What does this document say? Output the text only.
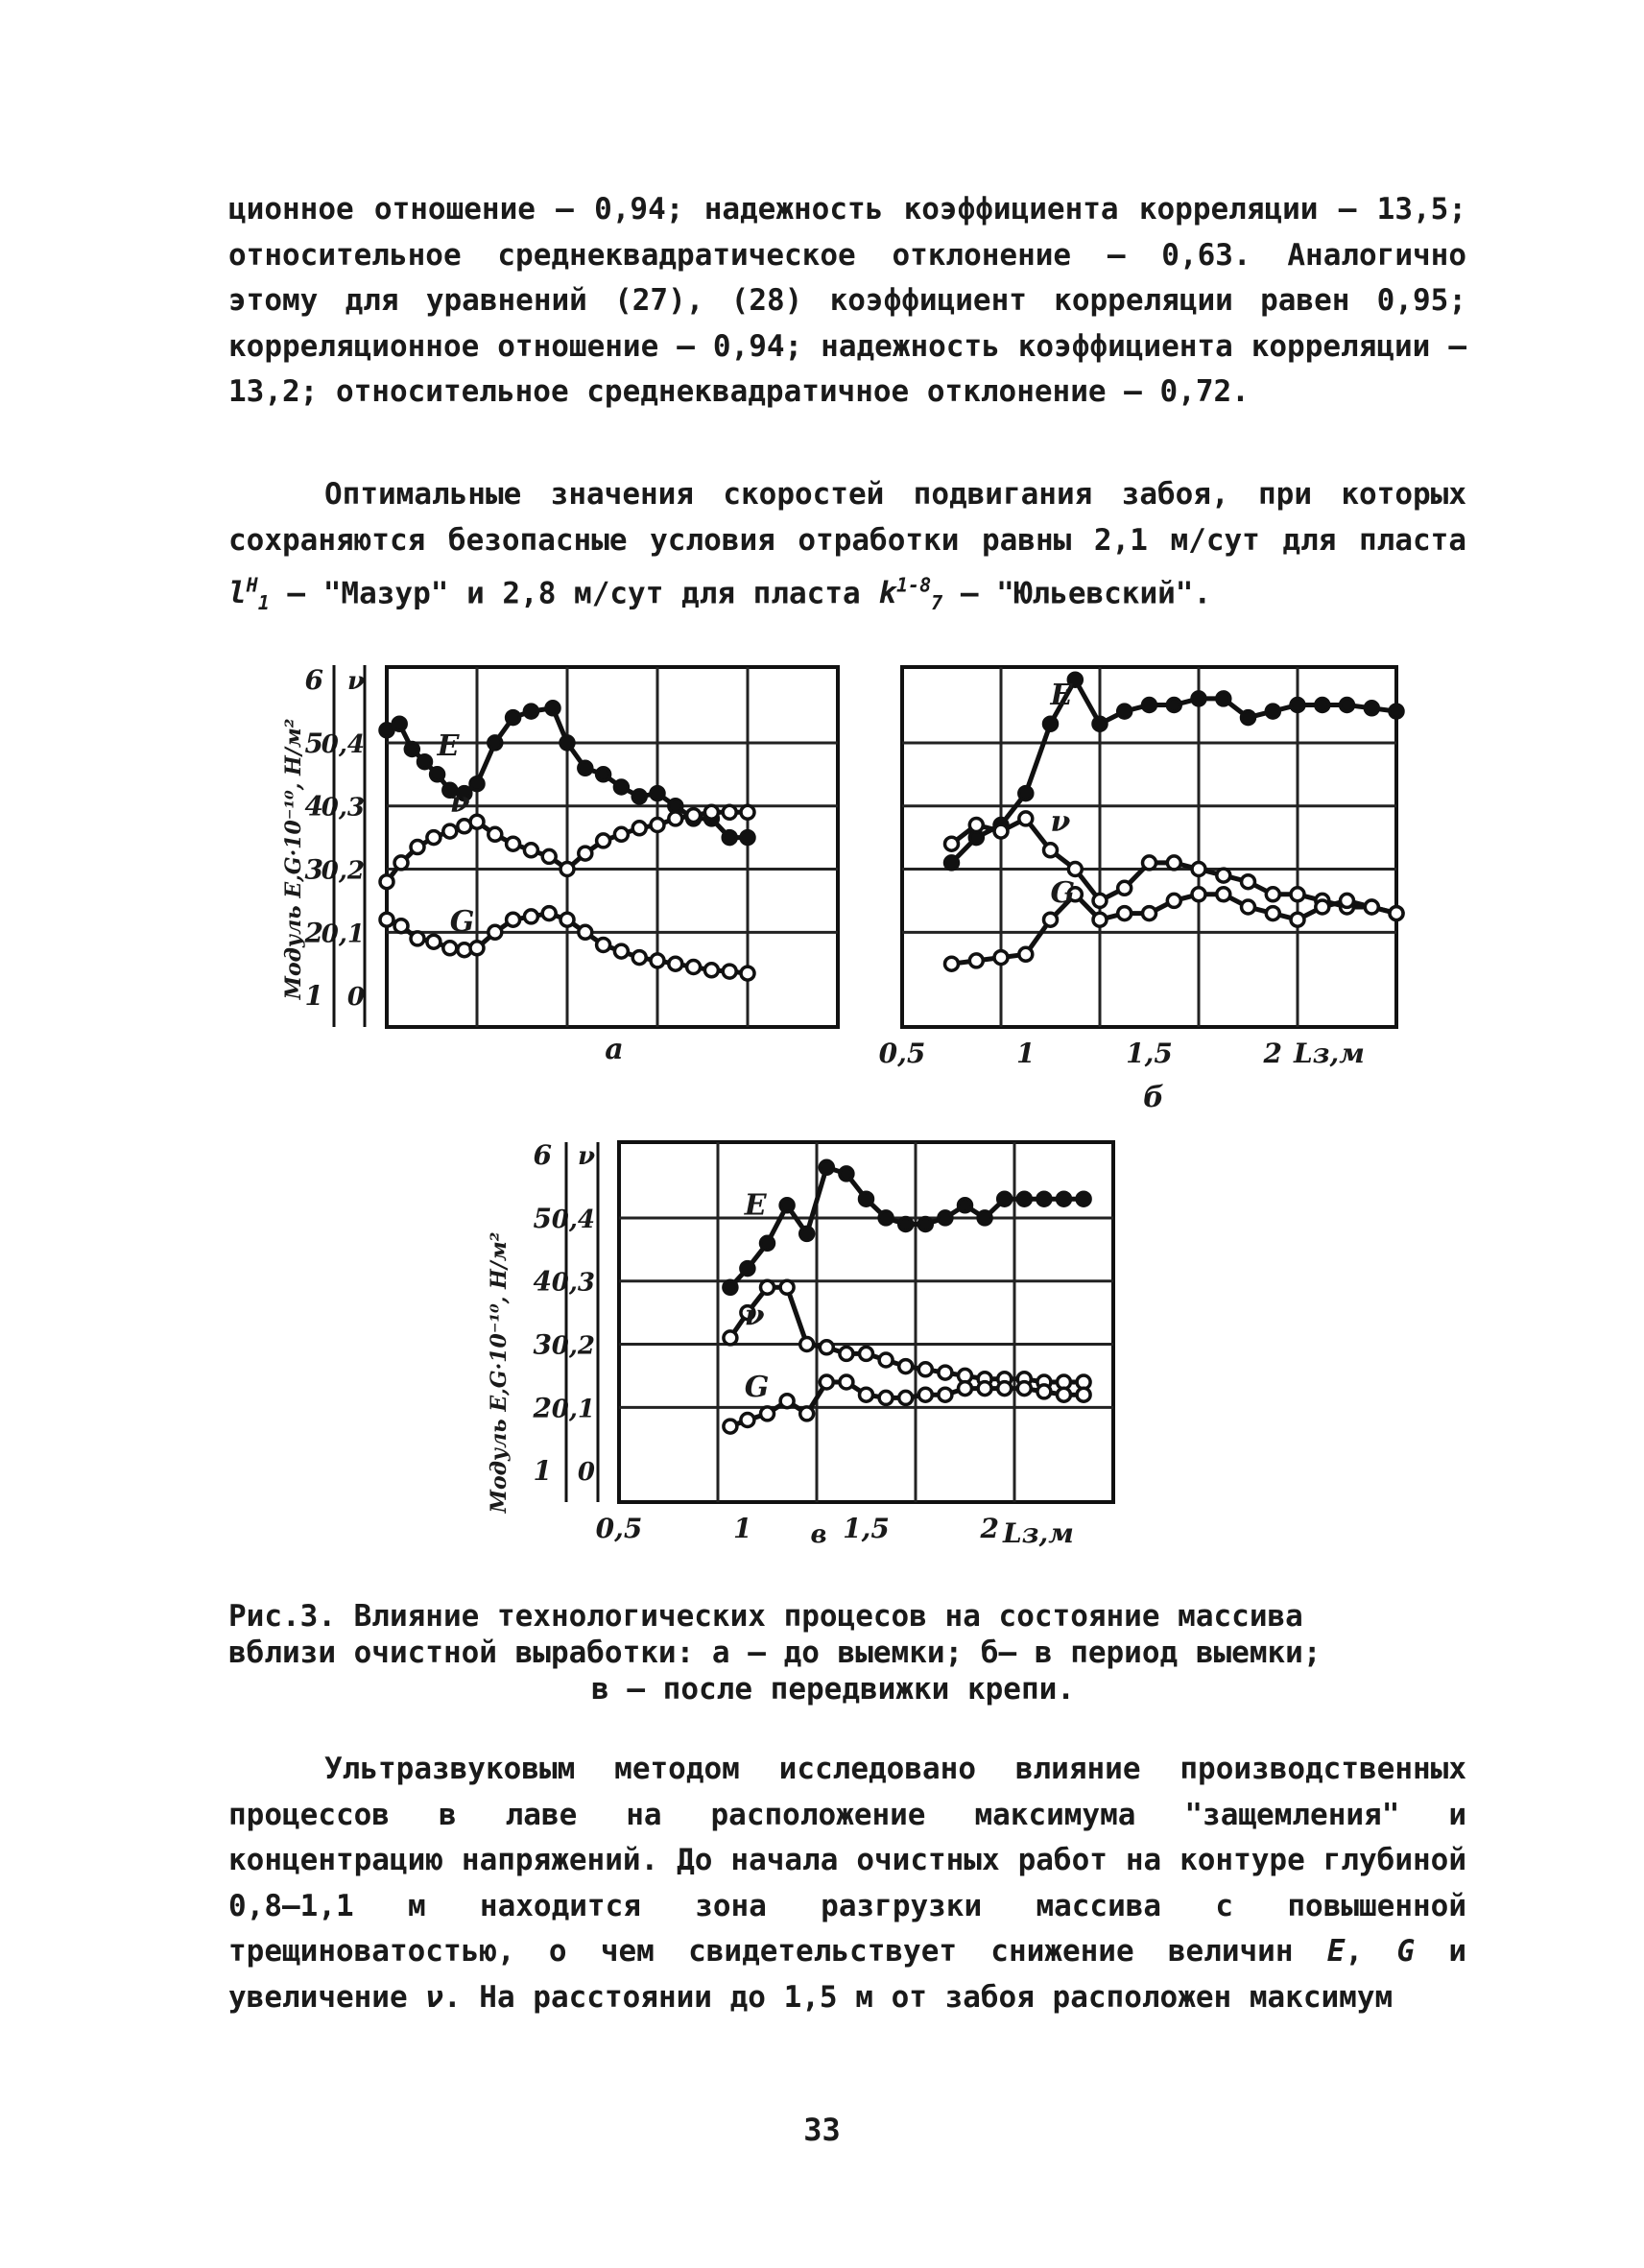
ционное отношение – 0,94; надежность коэффициента корреляции – 13,5; относительное среднеквадратическое отклонение – 0,63. Аналогично этому для уравнений (27), (28) коэффициент корреляции равен 0,95; корреляционное отношение – 0,94; надежность коэффициента корреляции – 13,2; относительное среднеквадратичное отклонение – 0,72.

Оптимальные значения скоростей подвигания забоя, при которых сохраняются безопасные условия отработки равны 2,1 м/сут для пласта $l^H_1$ – "Мазур" и 2,8 м/сут для пласта $k^{1-8}_7$ – "Юльевский".

Модуль E,G·10⁻¹⁰, Н/м²
6
5
4
3
2
1
ν
0,4
0,3
0,2
0,1
0
E
ν
G
а
E
ν
G
0,5	1	1,5	2 Lз,м
б
Модуль E,G·10⁻¹⁰, Н/м²
6
5
4
3
2
1
ν
0,4
0,3
0,2
0,1
0
E
ν
G
0,5	1	1,5	2 Lз,м
в

Рис.3. Влияние технологических процесов на состояние массива
вблизи очистной выработки: а – до выемки; б– в период выемки;
в – после передвижки крепи.

Ультразвуковым методом исследовано влияние производственных процессов в лаве на расположение максимума "защемления" и концентрацию напряжений. До начала очистных работ на контуре глубиной 0,8–1,1 м находится зона разгрузки массива с повышенной трещиноватостью, о чем свидетельствует снижение величин E, G и увеличение ν. На расстоянии до 1,5 м от забоя расположен максимум

33
